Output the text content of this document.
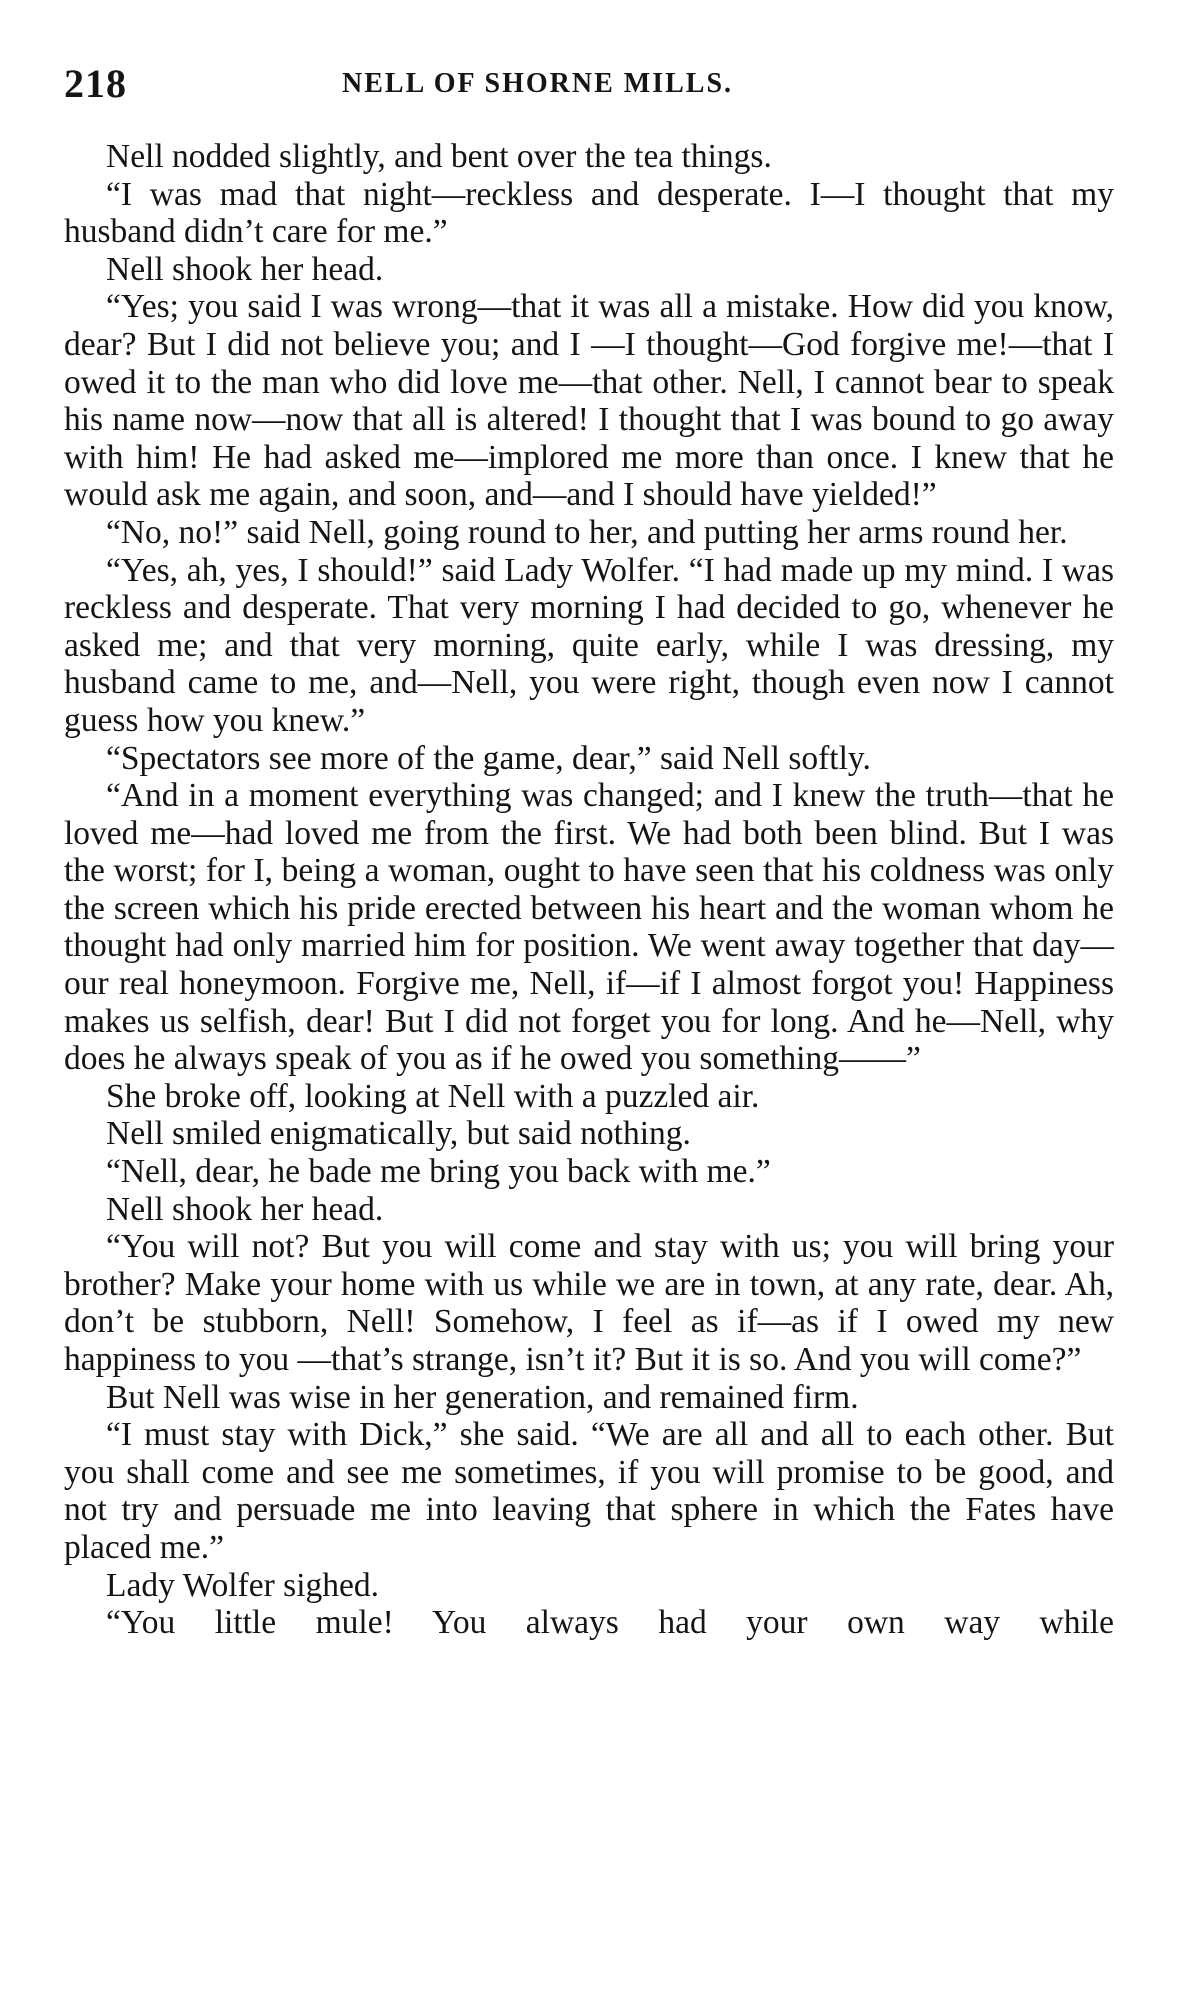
218	NELL OF SHORNE MILLS.

Nell nodded slightly, and bent over the tea things.

“I was mad that night—reckless and desperate. I—I thought that my husband didn’t care for me.”

Nell shook her head.

“Yes; you said I was wrong—that it was all a mistake. How did you know, dear? But I did not believe you; and I —I thought—God forgive me!—that I owed it to the man who did love me—that other. Nell, I cannot bear to speak his name now—now that all is altered! I thought that I was bound to go away with him! He had asked me—implored me more than once. I knew that he would ask me again, and soon, and—and I should have yielded!”

“No, no!” said Nell, going round to her, and putting her arms round her.

“Yes, ah, yes, I should!” said Lady Wolfer. “I had made up my mind. I was reckless and desperate. That very morning I had decided to go, whenever he asked me; and that very morning, quite early, while I was dressing, my husband came to me, and—Nell, you were right, though even now I cannot guess how you knew.”

“Spectators see more of the game, dear,” said Nell softly.

“And in a moment everything was changed; and I knew the truth—that he loved me—had loved me from the first. We had both been blind. But I was the worst; for I, being a woman, ought to have seen that his coldness was only the screen which his pride erected between his heart and the woman whom he thought had only married him for position. We went away together that day—our real honeymoon. Forgive me, Nell, if—if I almost forgot you! Happiness makes us selfish, dear! But I did not forget you for long. And he—Nell, why does he always speak of you as if he owed you something——”

She broke off, looking at Nell with a puzzled air.

Nell smiled enigmatically, but said nothing.

“Nell, dear, he bade me bring you back with me.”

Nell shook her head.

“You will not? But you will come and stay with us; you will bring your brother? Make your home with us while we are in town, at any rate, dear. Ah, don’t be stubborn, Nell! Somehow, I feel as if—as if I owed my new happiness to you —that’s strange, isn’t it? But it is so. And you will come?”

But Nell was wise in her generation, and remained firm.

“I must stay with Dick,” she said. “We are all and all to each other. But you shall come and see me sometimes, if you will promise to be good, and not try and persuade me into leaving that sphere in which the Fates have placed me.”

Lady Wolfer sighed.

“You little mule! You always had your own way while
